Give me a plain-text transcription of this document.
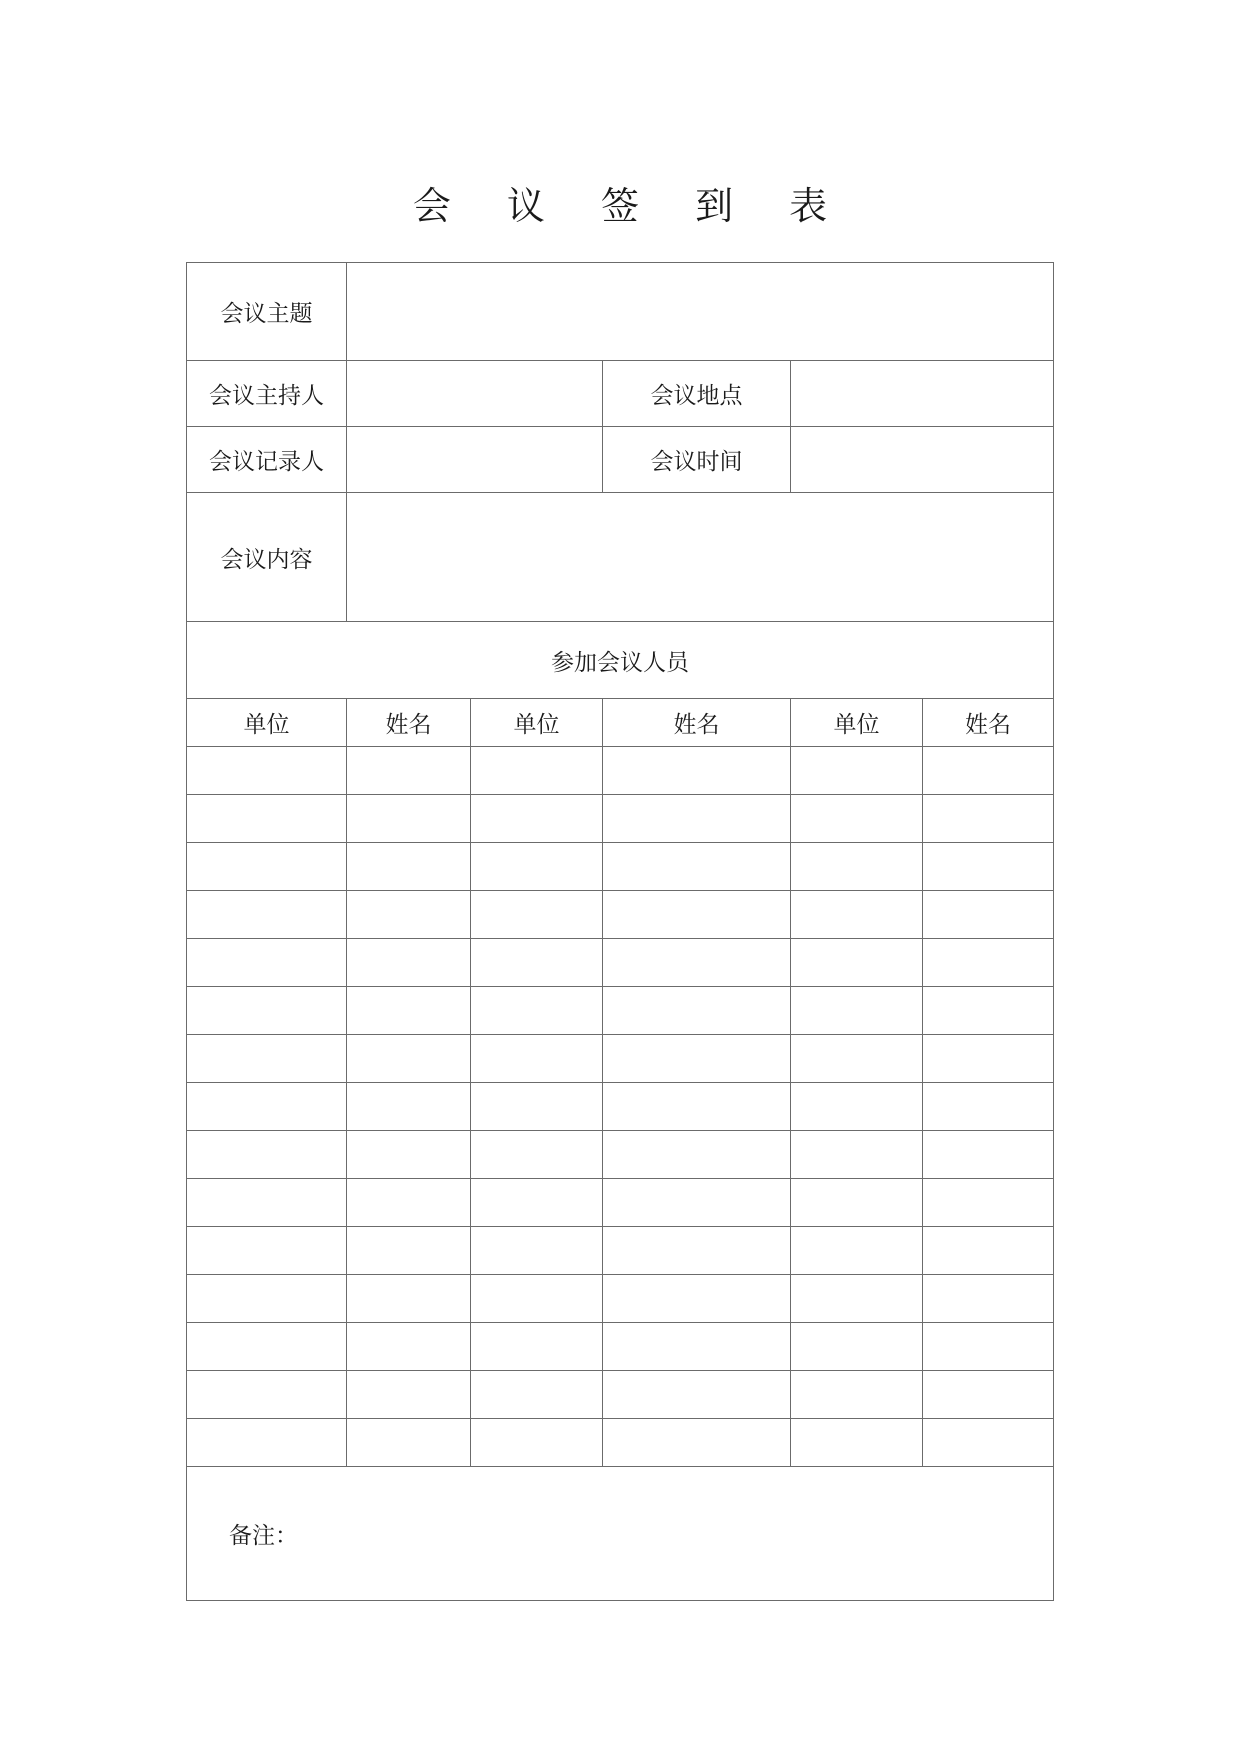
会 议 签 到 表
会议主题					
会议主持人			会议地点		
会议记录人			会议时间		
会议内容					
参加会议人员					
单位	姓名	单位	姓名	单位	姓名

备注：					
